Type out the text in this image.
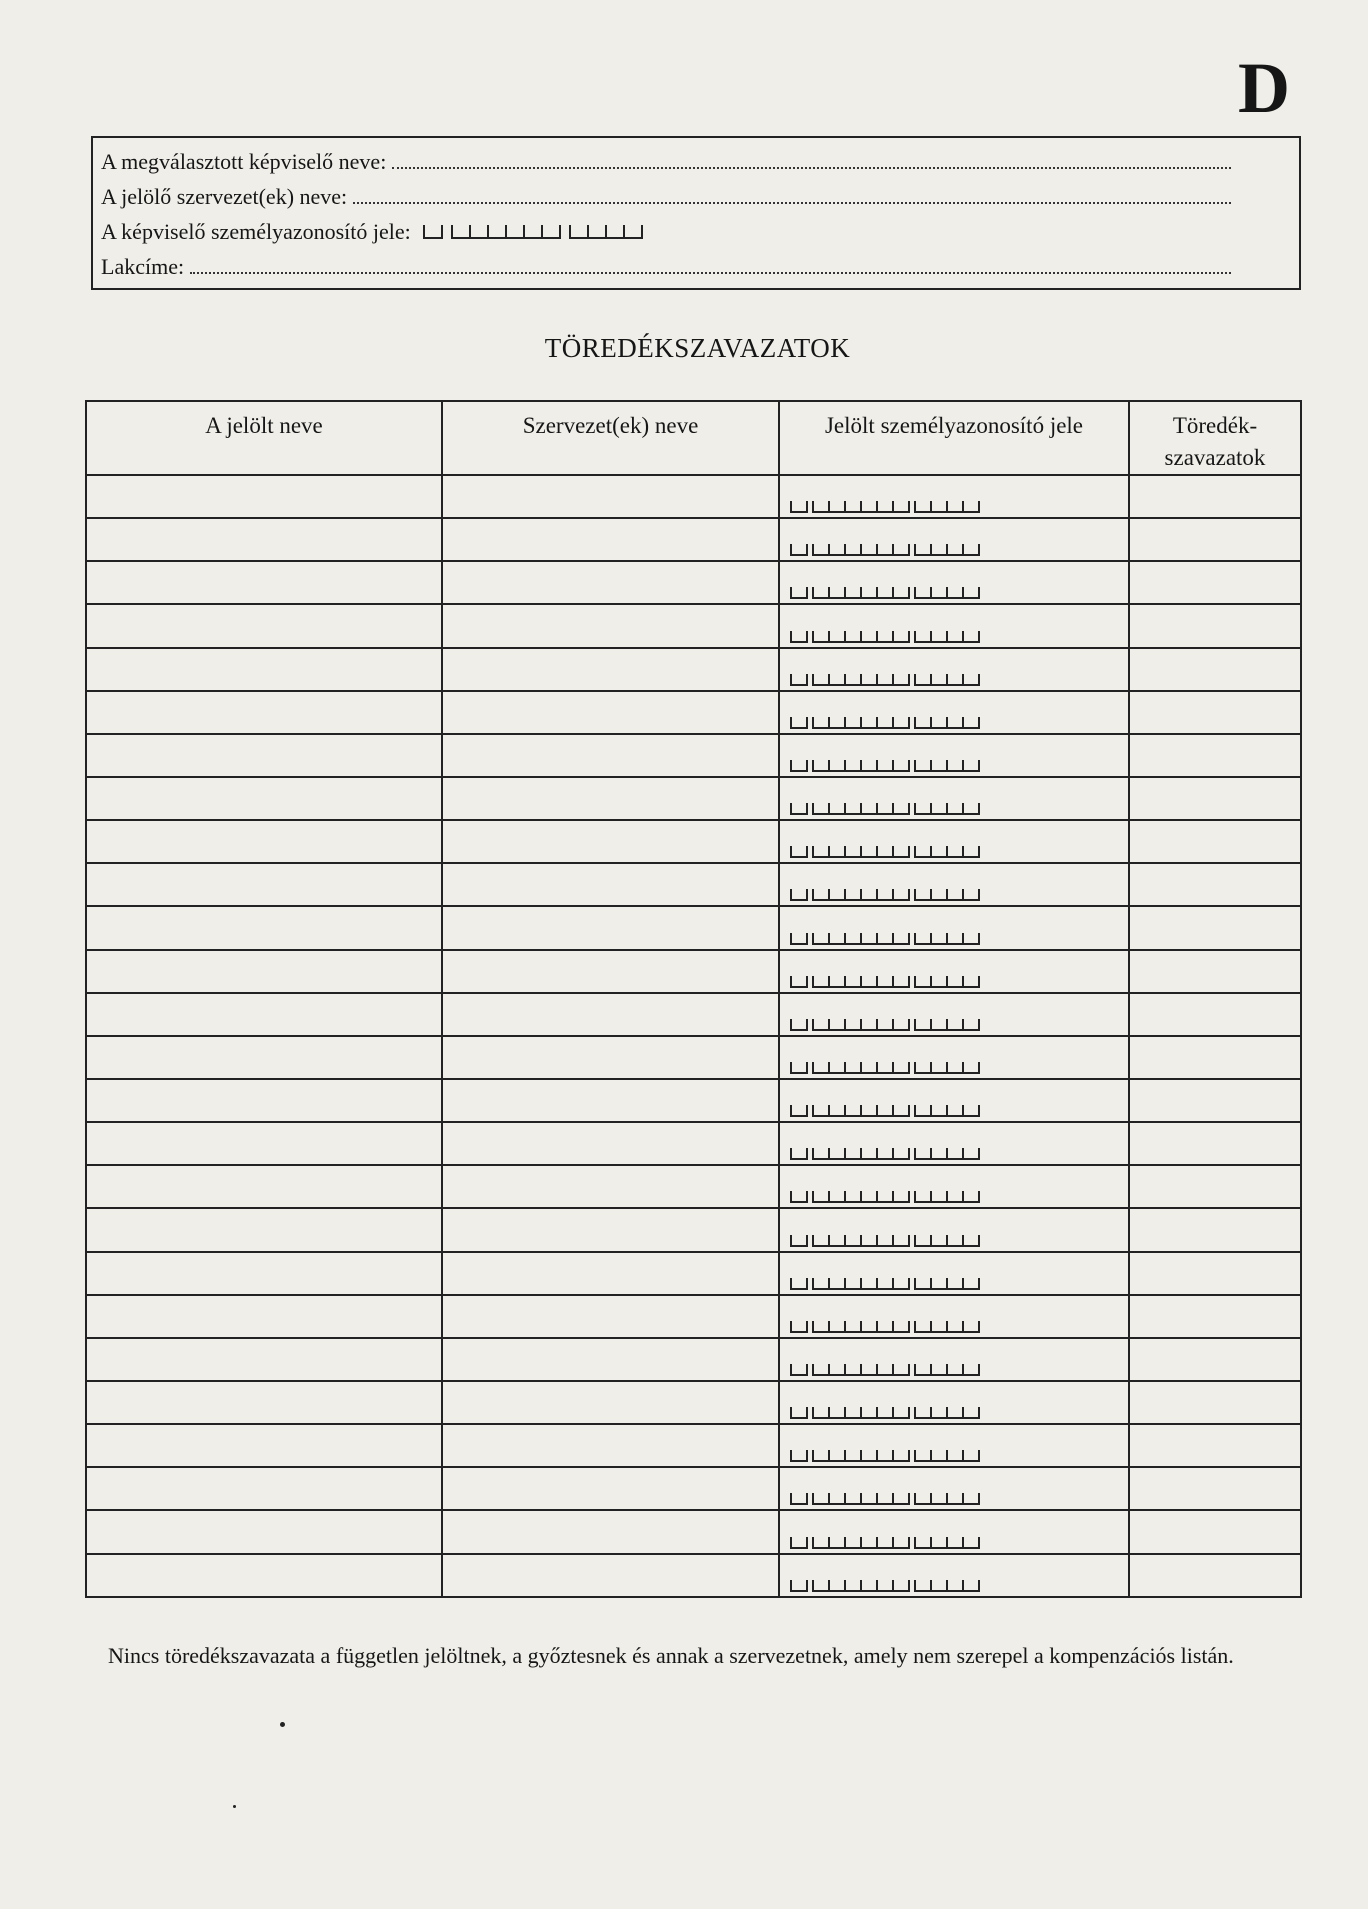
D
A megválasztott képviselő neve:
A jelölő szervezet(ek) neve:
A képviselő személyazonosító jele:
Lakcíme:
TÖREDÉKSZAVAZATOK
A jelölt neve	Szervezet(ek) neve	Jelölt személyazonosító jele	Töredék-
szavazatok

Nincs töredékszavazata a független jelöltnek, a győztesnek és annak a szervezetnek, amely nem szerepel a kompenzációs listán.
